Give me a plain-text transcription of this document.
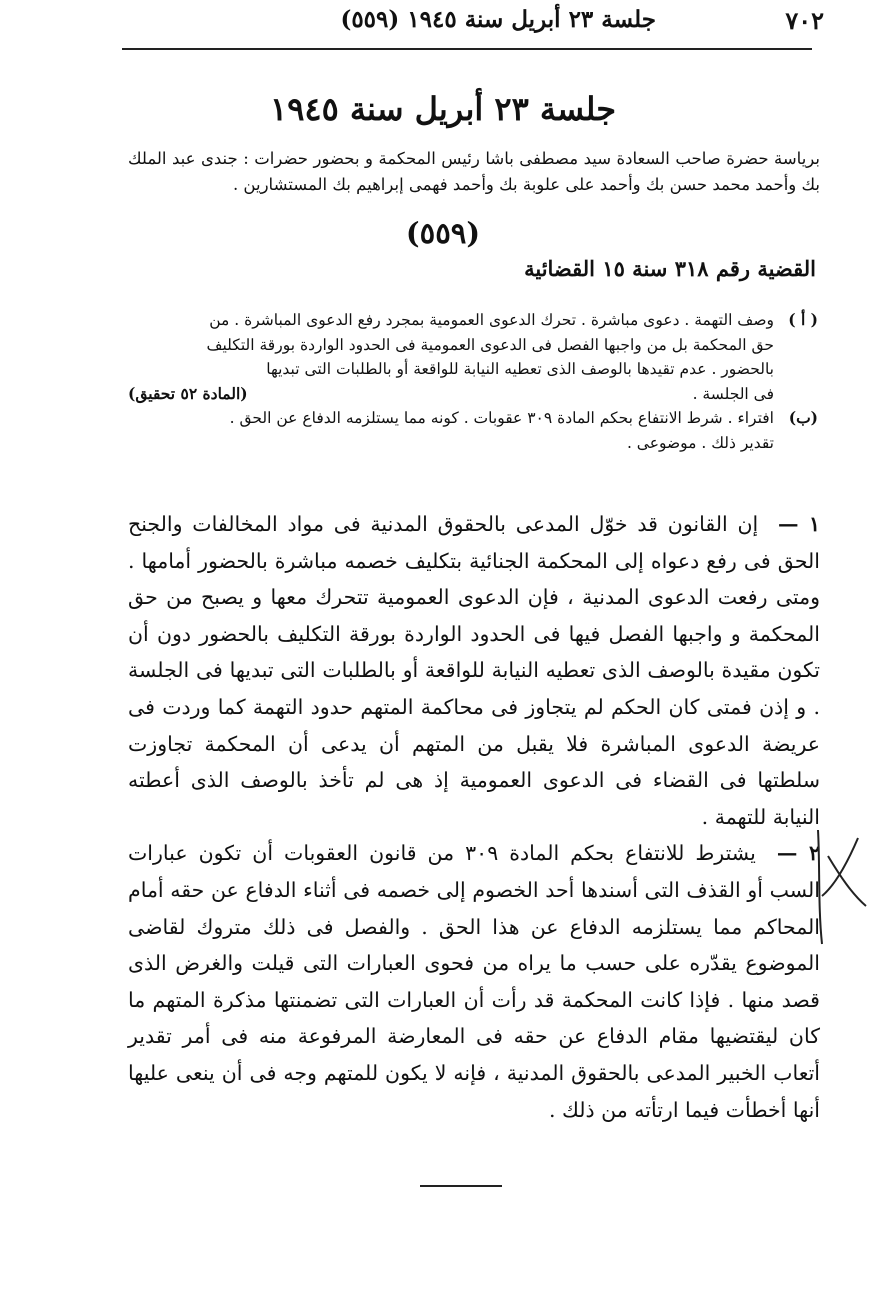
٧٠٢
جلسة ٢٣ أبريل سنة ١٩٤٥ (٥٥٩)
جلسة ٢٣ أبريل سنة ١٩٤٥
برياسة حضرة صاحب السعادة سيد مصطفى باشا رئيس المحكمة و بحضور حضرات : جندى عبد الملك بك وأحمد محمد حسن بك وأحمد على علوبة بك وأحمد فهمى إبراهيم بك المستشارين .
(٥٥٩)
القضية رقم ٣١٨ سنة ١٥ القضائية
( أ )
وصف التهمة . دعوى مباشرة . تحرك الدعوى العمومية بمجرد رفع الدعوى المباشرة . من
حق المحكمة بل من واجبها الفصل فى الدعوى العمومية فى الحدود الواردة بورقة التكليف
بالحضور . عدم تقيدها بالوصف الذى تعطيه النيابة للواقعة أو بالطلبات التى تبديها
فى الجلسة .
(المادة ٥٢ تحقيق)
(ب)
افتراء . شرط الانتفاع بحكم المادة ٣٠٩ عقوبات . كونه مما يستلزمه الدفاع عن الحق .
تقدير ذلك . موضوعى .
١ — إن القانون قد خوّل المدعى بالحقوق المدنية فى مواد المخالفات والجنح الحق فى رفع دعواه إلى المحكمة الجنائية بتكليف خصمه مباشرة بالحضور أمامها . ومتى رفعت الدعوى المدنية ، فإن الدعوى العمومية تتحرك معها و يصبح من حق المحكمة و واجبها الفصل فيها فى الحدود الواردة بورقة التكليف بالحضور دون أن تكون مقيدة بالوصف الذى تعطيه النيابة للواقعة أو بالطلبات التى تبديها فى الجلسة . و إذن فمتى كان الحكم لم يتجاوز فى محاكمة المتهم حدود التهمة كما وردت فى عريضة الدعوى المباشرة فلا يقبل من المتهم أن يدعى أن المحكمة تجاوزت سلطتها فى القضاء فى الدعوى العمومية إذ هى لم تأخذ بالوصف الذى أعطته النيابة للتهمة .
٢ — يشترط للانتفاع بحكم المادة ٣٠٩ من قانون العقوبات أن تكون عبارات السب أو القذف التى أسندها أحد الخصوم إلى خصمه فى أثناء الدفاع عن حقه أمام المحاكم مما يستلزمه الدفاع عن هذا الحق . والفصل فى ذلك متروك لقاضى الموضوع يقدّره على حسب ما يراه من فحوى العبارات التى قيلت والغرض الذى قصد منها . فإذا كانت المحكمة قد رأت أن العبارات التى تضمنتها مذكرة المتهم ما كان ليقتضيها مقام الدفاع عن حقه فى المعارضة المرفوعة منه فى أمر تقدير أتعاب الخبير المدعى بالحقوق المدنية ، فإنه لا يكون للمتهم وجه فى أن ينعى عليها أنها أخطأت فيما ارتأته من ذلك .
